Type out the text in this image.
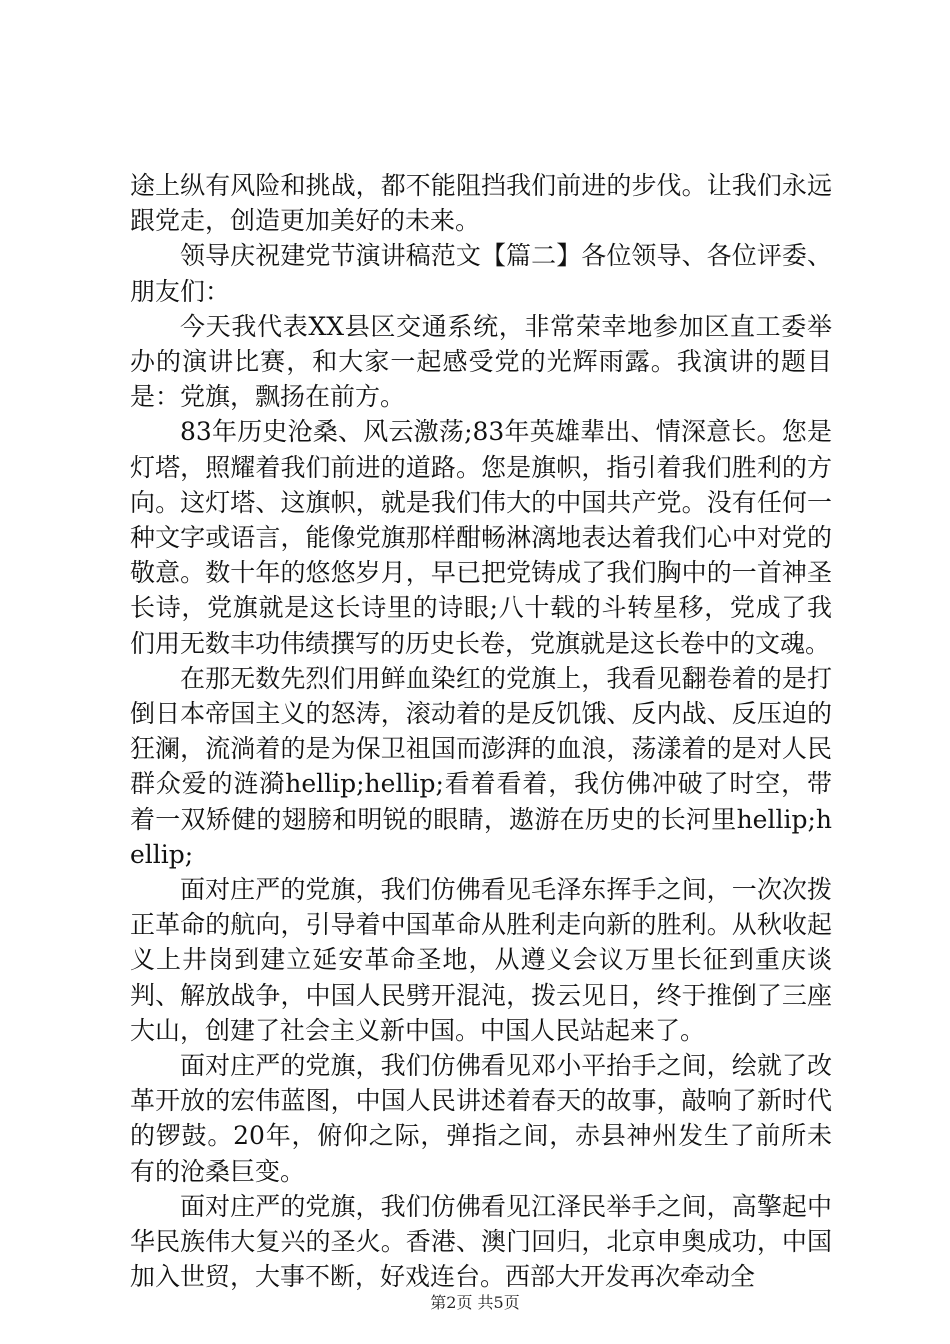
途上纵有风险和挑战，都不能阻挡我们前进的步伐。让我们永远跟党走，创造更加美好的未来。

领导庆祝建党节演讲稿范文【篇二】各位领导、各位评委、朋友们：

今天我代表XX县区交通系统，非常荣幸地参加区直工委举办的演讲比赛，和大家一起感受党的光辉雨露。我演讲的题目是：党旗，飘扬在前方。

83年历史沧桑、风云激荡;83年英雄辈出、情深意长。您是灯塔，照耀着我们前进的道路。您是旗帜，指引着我们胜利的方向。这灯塔、这旗帜，就是我们伟大的中国共产党。没有任何一种文字或语言，能像党旗那样酣畅淋漓地表达着我们心中对党的敬意。数十年的悠悠岁月，早已把党铸成了我们胸中的一首神圣长诗，党旗就是这长诗里的诗眼;八十载的斗转星移，党成了我们用无数丰功伟绩撰写的历史长卷，党旗就是这长卷中的文魂。

在那无数先烈们用鲜血染红的党旗上，我看见翻卷着的是打倒日本帝国主义的怒涛，滚动着的是反饥饿、反内战、反压迫的狂澜，流淌着的是为保卫祖国而澎湃的血浪，荡漾着的是对人民群众爱的涟漪hellip;hellip;看着看着，我仿佛冲破了时空，带着一双矫健的翅膀和明锐的眼睛，遨游在历史的长河里hellip;hellip;

面对庄严的党旗，我们仿佛看见毛泽东挥手之间，一次次拨正革命的航向，引导着中国革命从胜利走向新的胜利。从秋收起义上井岗到建立延安革命圣地，从遵义会议万里长征到重庆谈判、解放战争，中国人民劈开混沌，拨云见日，终于推倒了三座大山，创建了社会主义新中国。中国人民站起来了。

面对庄严的党旗，我们仿佛看见邓小平抬手之间，绘就了改革开放的宏伟蓝图，中国人民讲述着春天的故事，敲响了新时代的锣鼓。20年，俯仰之际，弹指之间，赤县神州发生了前所未有的沧桑巨变。

面对庄严的党旗，我们仿佛看见江泽民举手之间，高擎起中华民族伟大复兴的圣火。香港、澳门回归，北京申奥成功，中国加入世贸，大事不断，好戏连台。西部大开发再次牵动全

第2页 共5页
